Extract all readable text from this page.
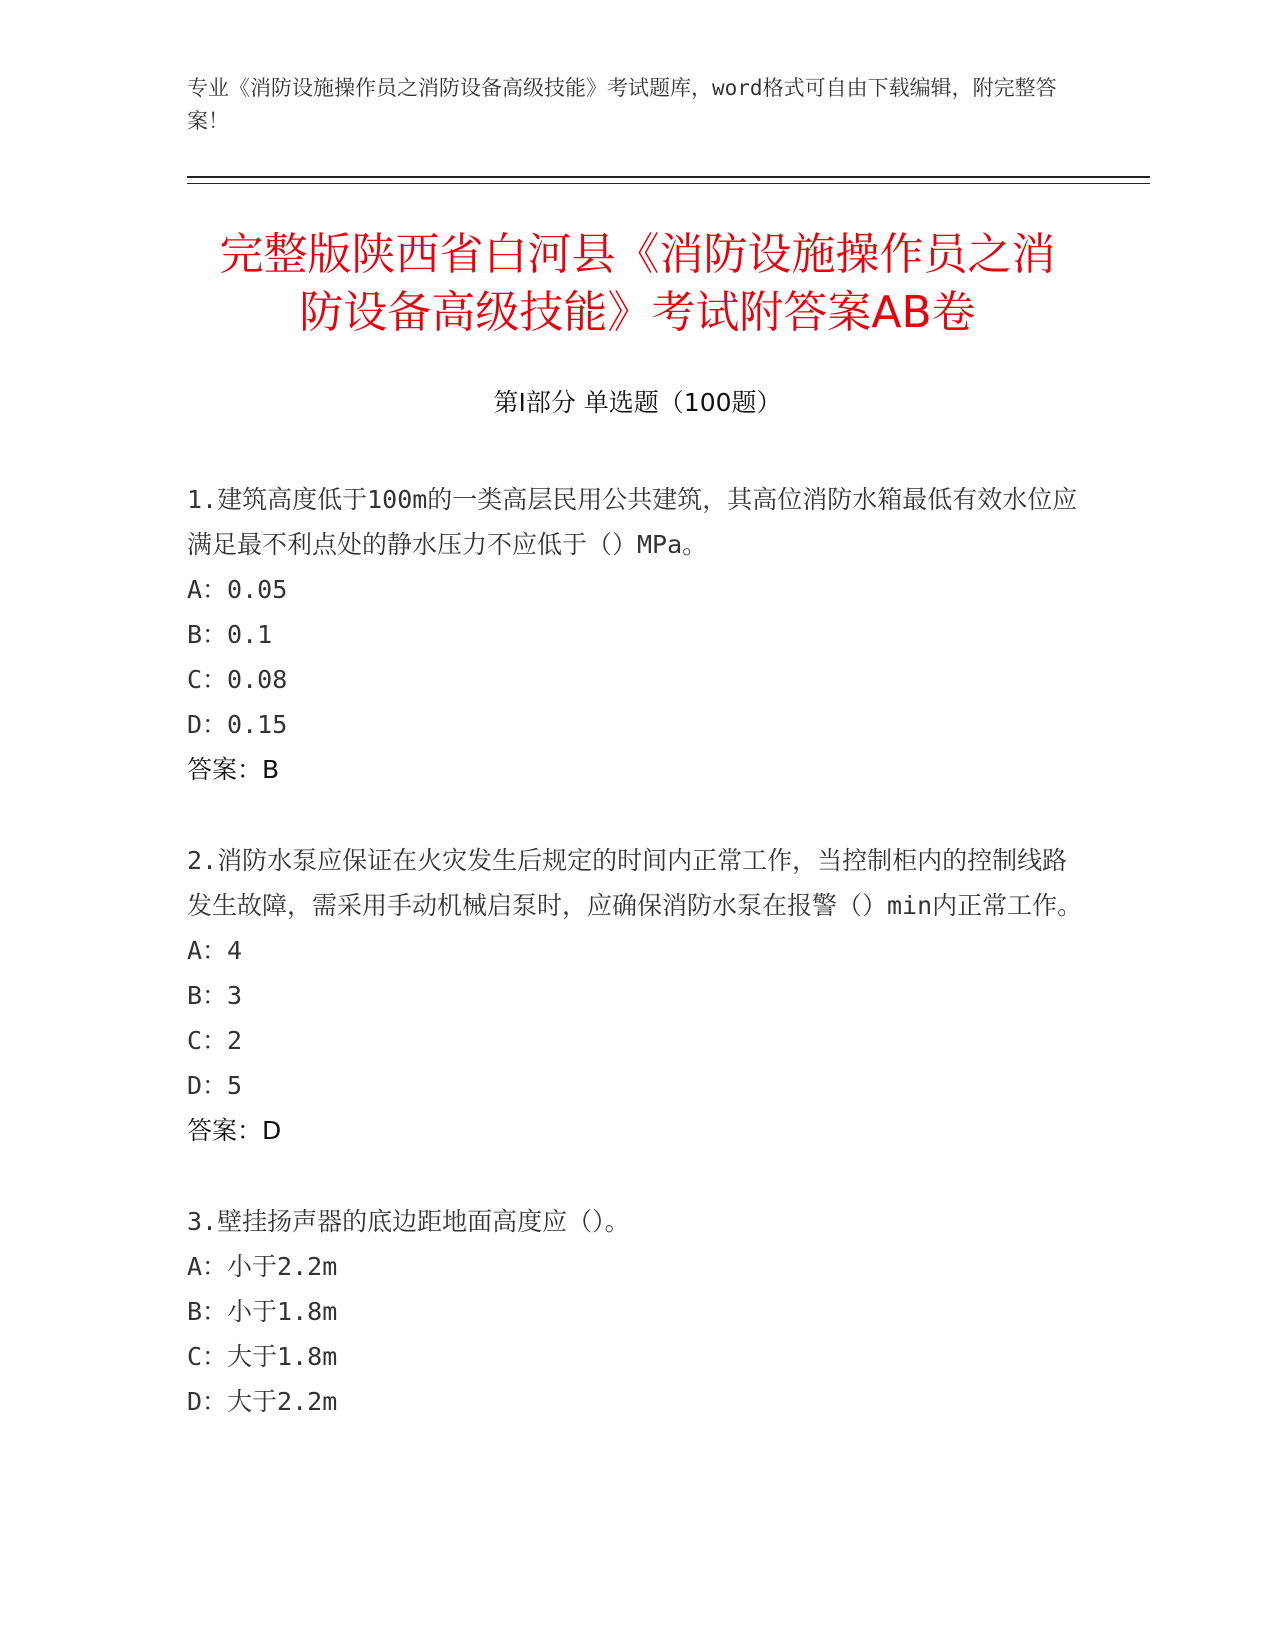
专业《消防设施操作员之消防设备高级技能》考试题库，word格式可自由下载编辑，附完整答案！
完整版陕西省白河县《消防设施操作员之消
防设备高级技能》考试附答案AB卷
第I部分 单选题（100题）
1.建筑高度低于100m的一类高层民用公共建筑，其高位消防水箱最低有效水位应满足最不利点处的静水压力不应低于（）MPa。
A：0.05
B：0.1
C：0.08
D：0.15
答案：B
2.消防水泵应保证在火灾发生后规定的时间内正常工作，当控制柜内的控制线路发生故障，需采用手动机械启泵时，应确保消防水泵在报警（）min内正常工作。
A：4
B：3
C：2
D：5
答案：D
3.壁挂扬声器的底边距地面高度应（）。
A：小于2.2m
B：小于1.8m
C：大于1.8m
D：大于2.2m
